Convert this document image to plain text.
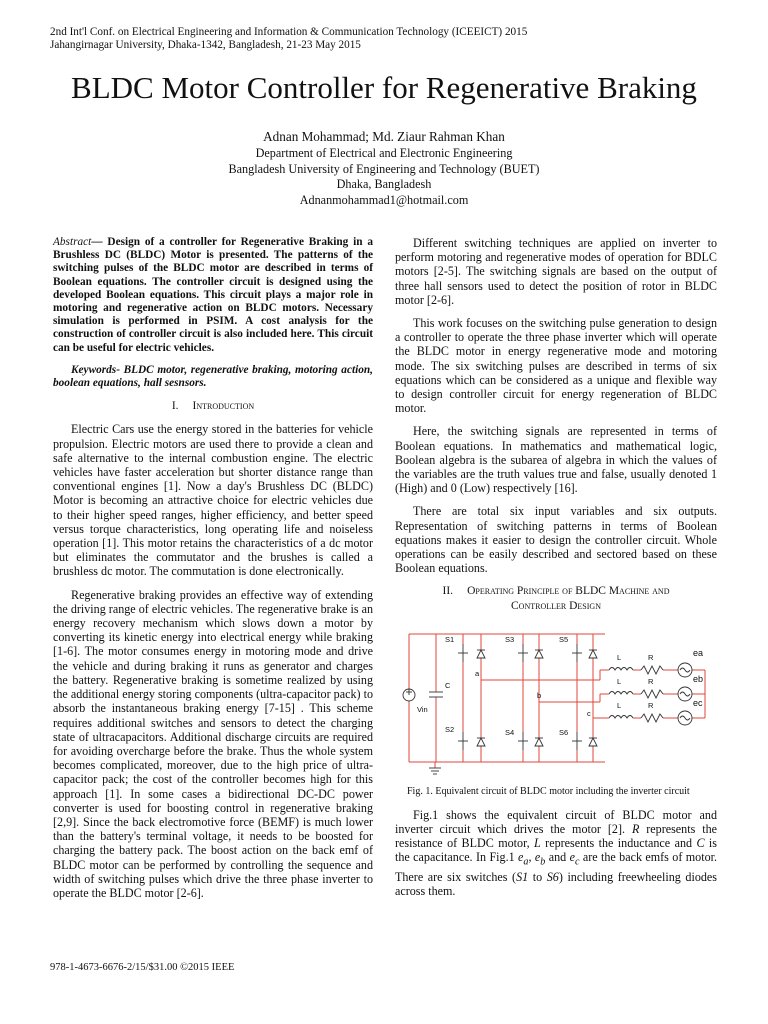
2nd Int'l Conf. on Electrical Engineering and Information & Communication Technology (ICEEICT) 2015
Jahangirnagar University, Dhaka-1342, Bangladesh, 21-23 May 2015
BLDC Motor Controller for Regenerative Braking
Adnan Mohammad; Md. Ziaur Rahman Khan
Department of Electrical and Electronic Engineering
Bangladesh University of Engineering and Technology (BUET)
Dhaka, Bangladesh
Adnanmohammad1@hotmail.com

Abstract— Design of a controller for Regenerative Braking in a Brushless DC (BLDC) Motor is presented. The patterns of the switching pulses of the BLDC motor are described in terms of Boolean equations. The controller circuit is designed using the developed Boolean equations. This circuit plays a major role in motoring and regenerative action on BLDC motors. Necessary simulation is performed in PSIM. A cost analysis for the construction of controller circuit is also included here. This circuit can be useful for electric vehicles.

Keywords- BLDC motor, regenerative braking, motoring action, boolean equations, hall sesnsors.

I. Introduction

Electric Cars use the energy stored in the batteries for vehicle propulsion. Electric motors are used there to provide a clean and safe alternative to the internal combustion engine. The electric vehicles have faster acceleration but shorter distance range than conventional engines [1]. Now a day's Brushless DC (BLDC) Motor is becoming an attractive choice for electric vehicles due to their higher speed ranges, higher efficiency, and better speed versus torque characteristics, long operating life and noiseless operation [1]. This motor retains the characteristics of a dc motor but eliminates the commutator and the brushes is called a brushless dc motor. The commutation is done electronically.

Regenerative braking provides an effective way of extending the driving range of electric vehicles. The regenerative brake is an energy recovery mechanism which slows down a motor by converting its kinetic energy into electrical energy while braking [1-6]. The motor consumes energy in motoring mode and drive the vehicle and during braking it runs as generator and charges the battery. Regenerative braking is sometime realized by using the additional energy storing components (ultra-capacitor pack) to absorb the instantaneous braking energy [7-15] . This scheme requires additional switches and sensors to detect the charging state of ultracapacitors. Additional discharge circuits are required for avoiding overcharge before the brake. Thus the whole system becomes complicated, moreover, due to the high price of ultra-capacitor pack; the cost of the controller becomes high for this approach [1]. In some cases a bidirectional DC-DC power converter is used for boosting control in regenerative braking [2,9]. Since the back electromotive force (BEMF) is much lower than the battery's terminal voltage, it needs to be boosted for charging the battery pack. The boost action on the back emf of BLDC motor can be performed by controlling the sequence and width of switching pulses which drive the three phase inverter to operate the BLDC motor [2-6].

Different switching techniques are applied on inverter to perform motoring and regenerative modes of operation for BDLC motors [2-5]. The switching signals are based on the output of three hall sensors used to detect the position of rotor in BLDC motor [2-6].

This work focuses on the switching pulse generation to design a controller to operate the three phase inverter which will operate the BLDC motor in energy regenerative mode and motoring mode. The six switching pulses are described in terms of six equations which can be considered as a unique and flexible way to design controller circuit for energy regeneration of BLDC motor.

Here, the switching signals are represented in terms of Boolean equations. In mathematics and mathematical logic, Boolean algebra is the subarea of algebra in which the values of the variables are the truth values true and false, usually denoted 1 (High) and 0 (Low) respectively [16].

There are total six input variables and six outputs. Representation of switching patterns in terms of Boolean equations makes it easier to design the controller circuit. Whole operations can be easily described and sectored based on these Boolean equations.

II. Operating Principle of BLDC Machine and
Controller Design
S1	S3	S5
S2	S4	S6
Vin
C
a
b
c
L
L
L
R
R
R
ea
eb
ec
Fig. 1. Equivalent circuit of BLDC motor including the inverter circuit

Fig.1 shows the equivalent circuit of BLDC motor and inverter circuit which drives the motor [2]. R represents the resistance of BLDC motor, L represents the inductance and C is the capacitance. In Fig.1 $e_a$, $e_b$ and $e_c$ are the back emfs of motor. There are six switches (S1 to S6) including freewheeling diodes across them.

978-1-4673-6676-2/15/$31.00 ©2015 IEEE
